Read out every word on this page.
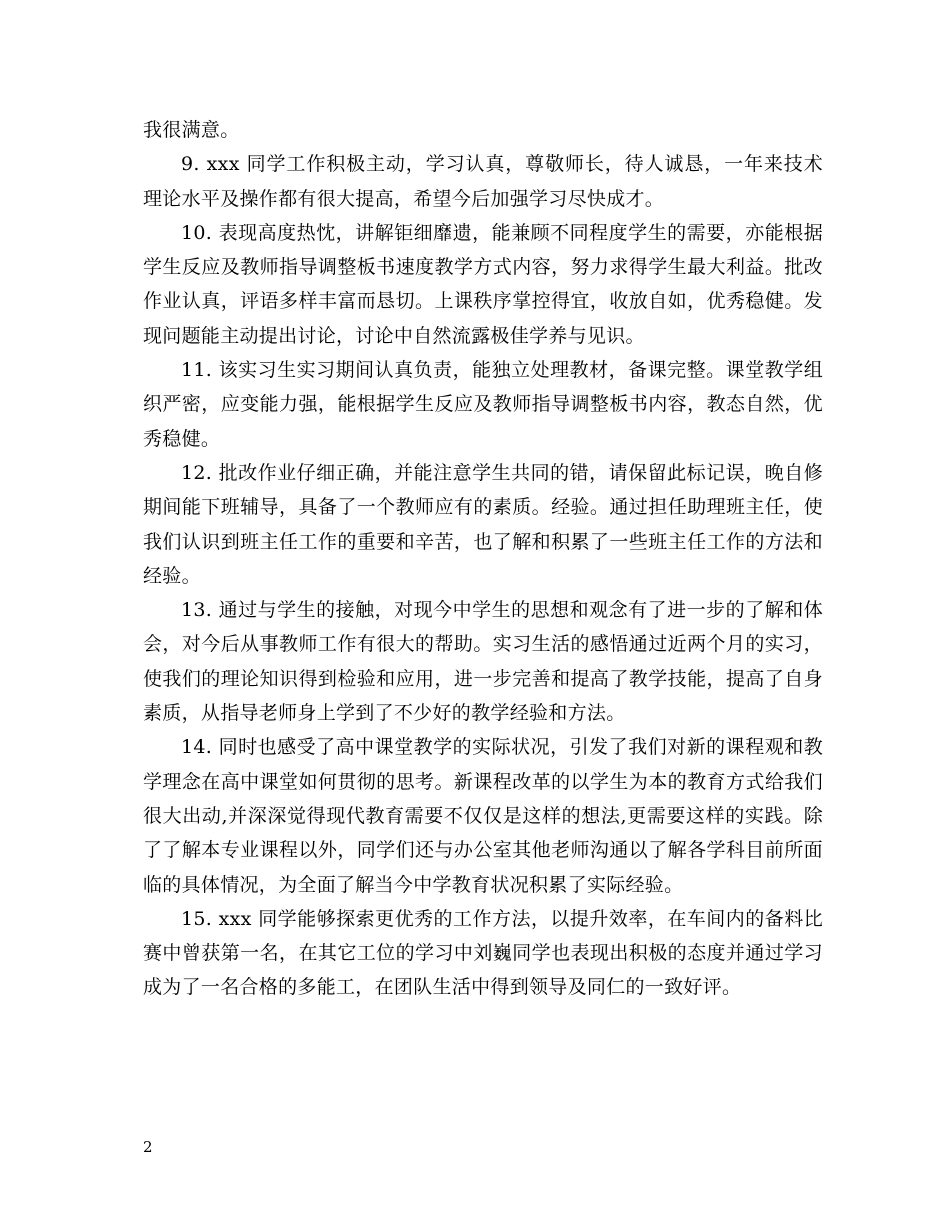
我很满意。

9. xxx 同学工作积极主动，学习认真，尊敬师长，待人诚恳，一年来技术理论水平及操作都有很大提高，希望今后加强学习尽快成才。

10. 表现高度热忱，讲解钜细靡遗，能兼顾不同程度学生的需要，亦能根据学生反应及教师指导调整板书速度教学方式内容，努力求得学生最大利益。批改作业认真，评语多样丰富而恳切。上课秩序掌控得宜，收放自如，优秀稳健。发现问题能主动提出讨论，讨论中自然流露极佳学养与见识。

11. 该实习生实习期间认真负责，能独立处理教材，备课完整。课堂教学组织严密，应变能力强，能根据学生反应及教师指导调整板书内容，教态自然，优秀稳健。

12. 批改作业仔细正确，并能注意学生共同的错，请保留此标记误，晚自修期间能下班辅导，具备了一个教师应有的素质。经验。通过担任助理班主任，使我们认识到班主任工作的重要和辛苦，也了解和积累了一些班主任工作的方法和经验。

13. 通过与学生的接触，对现今中学生的思想和观念有了进一步的了解和体会，对今后从事教师工作有很大的帮助。实习生活的感悟通过近两个月的实习，使我们的理论知识得到检验和应用，进一步完善和提高了教学技能，提高了自身素质，从指导老师身上学到了不少好的教学经验和方法。

14. 同时也感受了高中课堂教学的实际状况，引发了我们对新的课程观和教学理念在高中课堂如何贯彻的思考。新课程改革的以学生为本的教育方式给我们很大出动,并深深觉得现代教育需要不仅仅是这样的想法,更需要这样的实践。除了了解本专业课程以外，同学们还与办公室其他老师沟通以了解各学科目前所面临的具体情况，为全面了解当今中学教育状况积累了实际经验。

15. xxx 同学能够探索更优秀的工作方法，以提升效率，在车间内的备料比赛中曾获第一名，在其它工位的学习中刘巍同学也表现出积极的态度并通过学习成为了一名合格的多能工，在团队生活中得到领导及同仁的一致好评。

2
